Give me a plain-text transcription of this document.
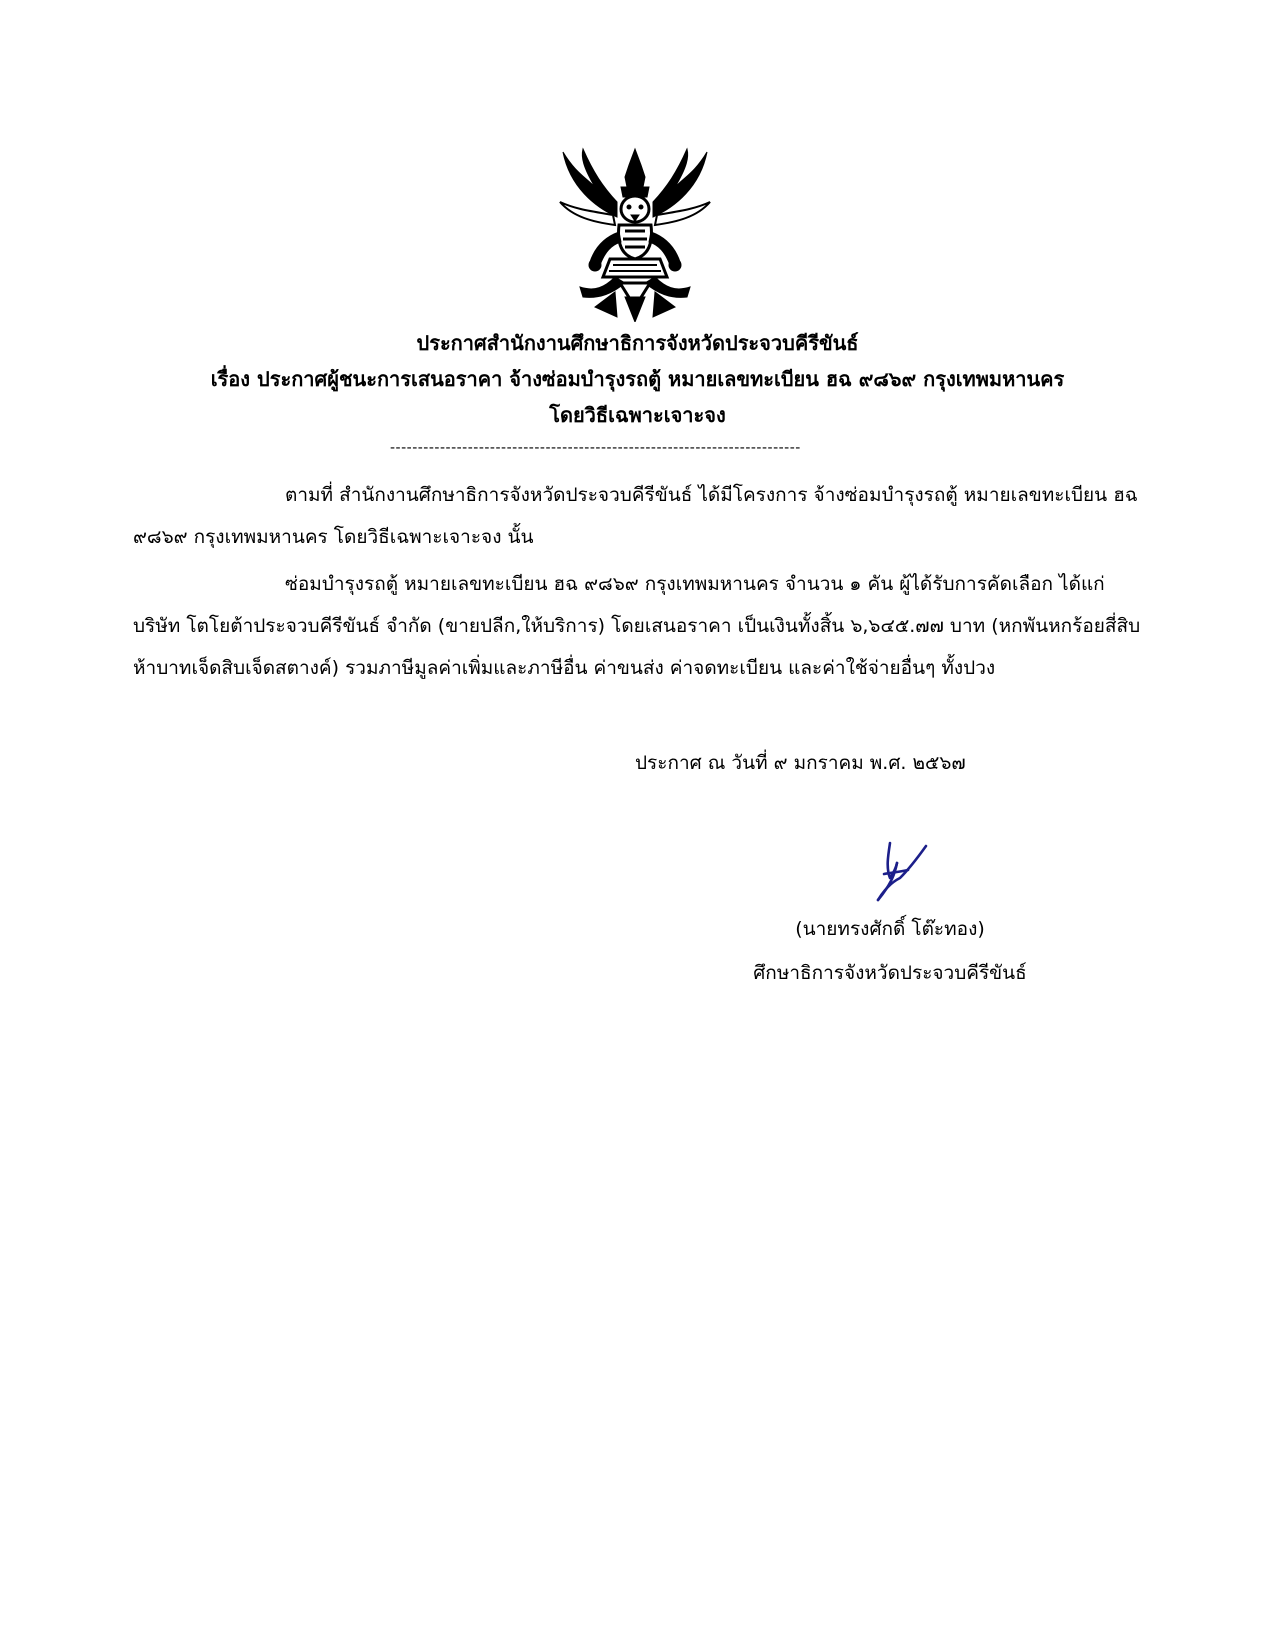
ประกาศสำนักงานศึกษาธิการจังหวัดประจวบคีรีขันธ์
เรื่อง ประกาศผู้ชนะการเสนอราคา จ้างซ่อมบำรุงรถตู้ หมายเลขทะเบียน ฮฉ ๙๘๖๙ กรุงเทพมหานคร
โดยวิธีเฉพาะเจาะจง
--------------------------------------------------------------------------
ตามที่ สำนักงานศึกษาธิการจังหวัดประจวบคีรีขันธ์ ได้มีโครงการ จ้างซ่อมบำรุงรถตู้ หมายเลขทะเบียน ฮฉ ๙๘๖๙ กรุงเทพมหานคร โดยวิธีเฉพาะเจาะจง นั้น
ซ่อมบำรุงรถตู้ หมายเลขทะเบียน ฮฉ ๙๘๖๙ กรุงเทพมหานคร จำนวน ๑ คัน ผู้ได้รับการคัดเลือก ได้แก่ บริษัท โตโยต้าประจวบคีรีขันธ์ จำกัด (ขายปลีก,ให้บริการ) โดยเสนอราคา เป็นเงินทั้งสิ้น ๖,๖๔๕.๗๗ บาท (หกพันหกร้อยสี่สิบห้าบาทเจ็ดสิบเจ็ดสตางค์) รวมภาษีมูลค่าเพิ่มและภาษีอื่น ค่าขนส่ง ค่าจดทะเบียน และค่าใช้จ่ายอื่นๆ ทั้งปวง
ประกาศ ณ วันที่ ๙ มกราคม พ.ศ. ๒๕๖๗
(นายทรงศักดิ์ โต๊ะทอง)
ศึกษาธิการจังหวัดประจวบคีรีขันธ์
